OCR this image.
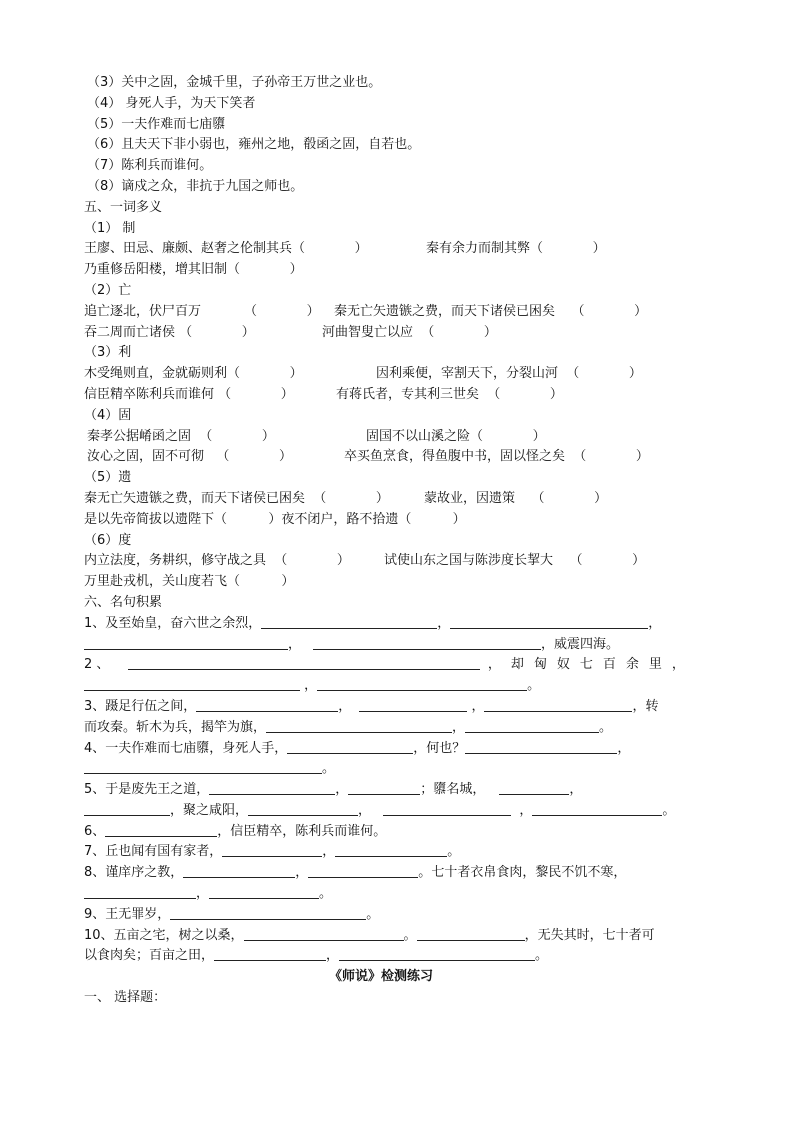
（3）关中之固，金城千里，子孙帝王万世之业也。
（4） 身死人手，为天下笑者
（5）一夫作难而七庙隳
（6）且夫天下非小弱也，雍州之地，殽函之固，自若也。
（7）陈利兵而谁何。
（8）谪戍之众，非抗于九国之师也。
五、一词多义
（1） 制
王廖、田忌、廉颇、赵奢之伦制其兵（            ）	秦有余力而制其弊（            ）
乃重修岳阳楼，增其旧制（            ）
（2）亡
追亡逐北，伏尸百万	（            ） 秦无亡矢遗镞之费，而天下诸侯已困矣    （            ）
吞二周而亡诸侯 （            ）	河曲智叟亡以应  （            ）
（3）利
木受绳则直，金就砺则利（            ）	因利乘便，宰割天下，分裂山河  （            ）
信臣精卒陈利兵而谁何 （            ）	有蒋氏者，专其利三世矣  （            ）
（4）固
秦孝公据崤函之固  （            ）	固国不以山溪之险（            ）
汝心之固，固不可彻   （            ）	卒买鱼烹食，得鱼腹中书，固以怪之矣  （            ）
（5）遗
秦无亡矢遗镞之费，而天下诸侯已困矣  （            ）	蒙故业，因遗策    （            ）
是以先帝简拔以遗陛下（          ）夜不闭户，路不拾遗（          ）
（6）度
内立法度，务耕织，修守战之具  （            ）	试使山东之国与陈涉度长挈大    （            ）
万里赴戎机，关山度若飞（          ）
六、名句积累
1、及至始皇，奋六世之余烈，	，	，
，	，威震四海。
2 、	， 却匈奴七百余里，
，	。
3、蹑足行伍之间，	，	，	，转
而攻秦。斩木为兵，揭竿为旗，	，	。
4、一夫作难而七庙隳，身死人手，	，何也？	，
。
5、于是废先王之道，	，	；隳名城，	，
，聚之咸阳，	，	，	。
6、	，信臣精卒，陈利兵而谁何。
7、丘也闻有国有家者，	，	。
8、谨庠序之教，	，	。七十者衣帛食肉，黎民不饥不寒，
，	。
9、王无罪岁，	。
10、五亩之宅，树之以桑，	。	，无失其时，七十者可
以食肉矣；百亩之田，	，	。
《师说》检测练习
一、 选择题：
